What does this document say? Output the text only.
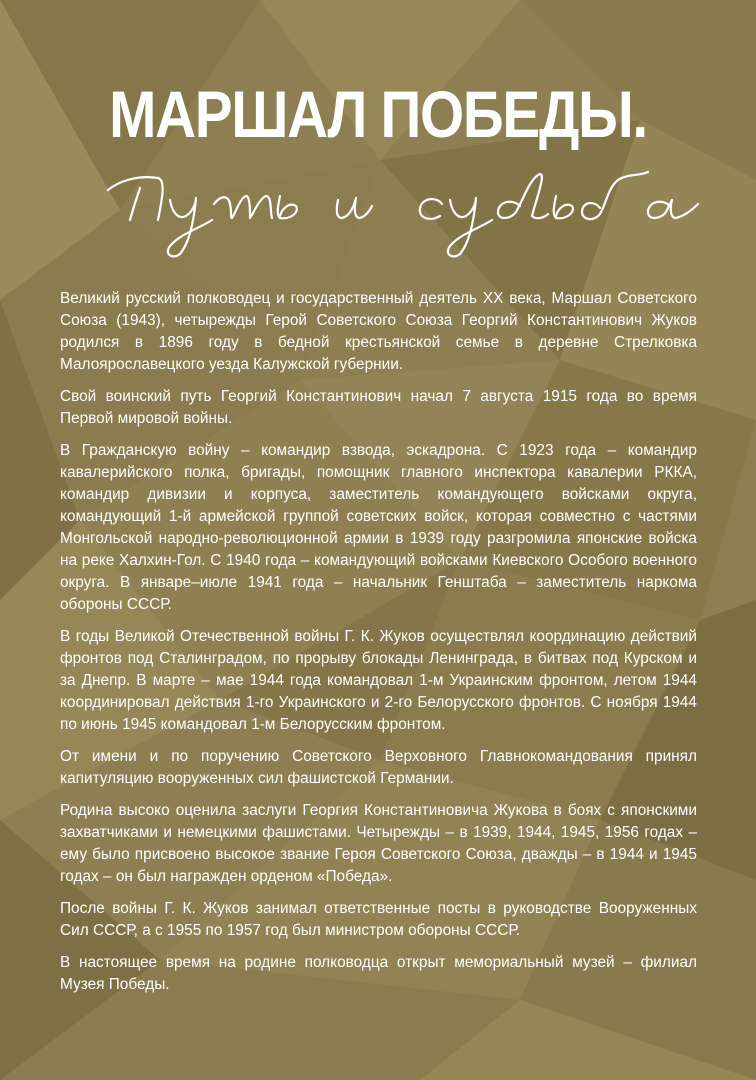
МАРШАЛ ПОБЕДЫ.

Великий русский полководец и государственный деятель XX века, Маршал Советского Союза (1943), четырежды Герой Советского Союза Георгий Константинович Жуков родился в 1896 году в бедной крестьянской семье в деревне Стрелковка Малоярославецкого уезда Калужской губернии.

Свой воинский путь Георгий Константинович начал 7 августа 1915 года во время Первой мировой войны.

В Гражданскую войну – командир взвода, эскадрона. С 1923 года – командир кавалерийского полка, бригады, помощник главного инспектора кавалерии РККА, командир дивизии и корпуса, заместитель командующего войсками округа, командующий 1-й армейской группой советских войск, которая совместно с частями Монгольской народно-революционной армии в 1939 году разгромила японские войска на реке Халхин-Гол. С 1940 года – командующий войсками Киевского Особого военного округа. В январе–июле 1941 года – начальник Генштаба – заместитель наркома обороны СССР.

В годы Великой Отечественной войны Г. К. Жуков осуществлял координацию действий фронтов под Сталинградом, по прорыву блокады Ленинграда, в битвах под Курском и за Днепр. В марте – мае 1944 года командовал 1-м Украинским фронтом, летом 1944 координировал действия 1-го Украинского и 2-го Белорусского фронтов. С ноября 1944 по июнь 1945 командовал 1-м Белорусским фронтом.

От имени и по поручению Советского Верховного Главнокомандования принял капитуляцию вооруженных сил фашистской Германии.

Родина высоко оценила заслуги Георгия Константиновича Жукова в боях с японскими захватчиками и немецкими фашистами. Четырежды – в 1939, 1944, 1945, 1956 годах – ему было присвоено высокое звание Героя Советского Союза, дважды – в 1944 и 1945 годах – он был награжден орденом «Победа».

После войны Г. К. Жуков занимал ответственные посты в руководстве Вооруженных Сил СССР, а с 1955 по 1957 год был министром обороны СССР.

В настоящее время на родине полководца открыт мемориальный музей – филиал Музея Победы.
